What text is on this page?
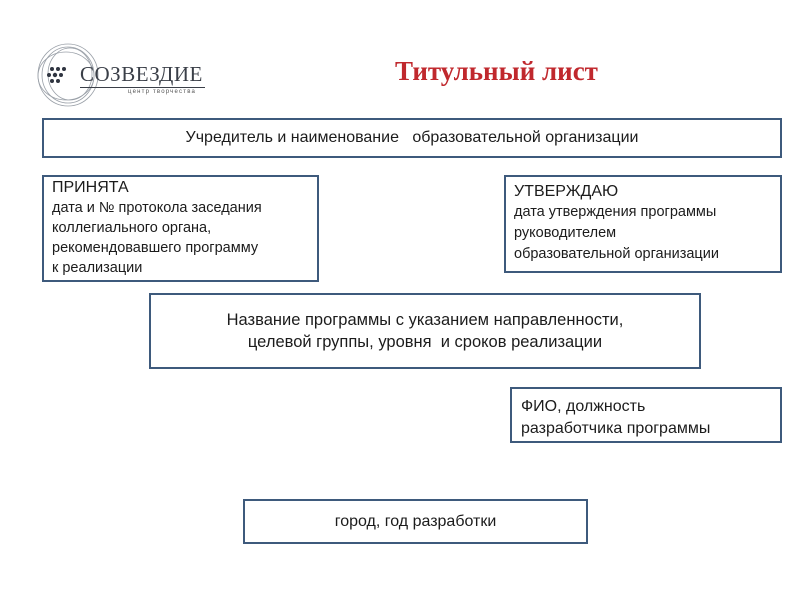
СОЗВЕЗДИЕ
центр творчества
Титульный лист
Учредитель и наименование   образовательной организации
ПРИНЯТА
дата и № протокола заседания
коллегиального органа,
рекомендовавшего программу
к реализации
УТВЕРЖДАЮ
дата утверждения программы
руководителем
образовательной организации
Название программы с указанием направленности,
целевой группы, уровня  и сроков реализации
ФИО, должность
разработчика программы
город, год разработки
